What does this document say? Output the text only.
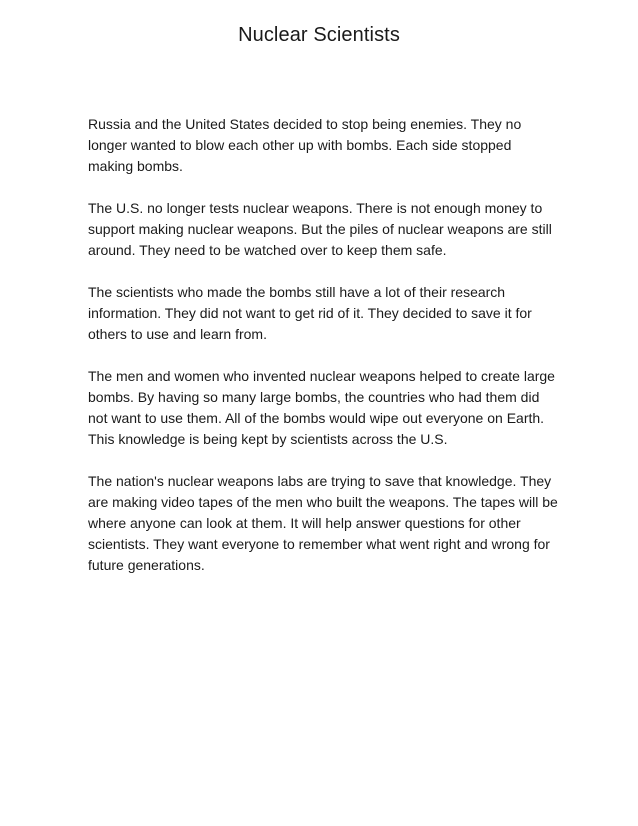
Nuclear Scientists

Russia and the United States decided to stop being enemies. They no longer wanted to blow each other up with bombs. Each side stopped making bombs.

The U.S. no longer tests nuclear weapons. There is not enough money to support making nuclear weapons. But the piles of nuclear weapons are still around. They need to be watched over to keep them safe.

The scientists who made the bombs still have a lot of their research information. They did not want to get rid of it. They decided to save it for others to use and learn from.

The men and women who invented nuclear weapons helped to create large bombs. By having so many large bombs, the countries who had them did not want to use them. All of the bombs would wipe out everyone on Earth. This knowledge is being kept by scientists across the U.S.

The nation's nuclear weapons labs are trying to save that knowledge. They are making video tapes of the men who built the weapons. The tapes will be where anyone can look at them. It will help answer questions for other scientists. They want everyone to remember what went right and wrong for future generations.
